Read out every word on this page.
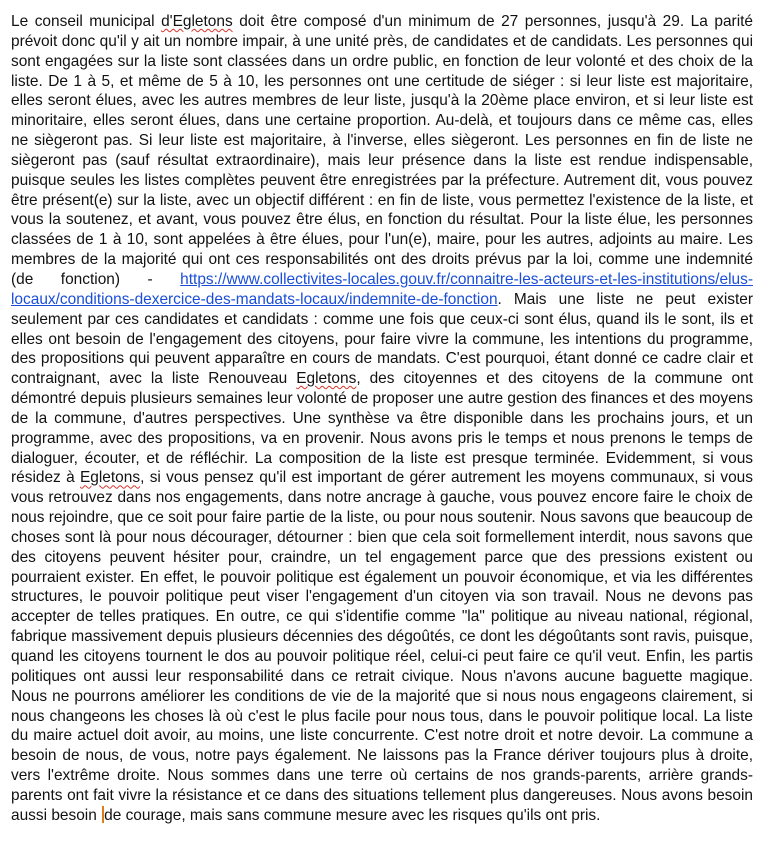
Le conseil municipal d'Egletons doit être composé d'un minimum de 27 personnes, jusqu'à 29. La parité prévoit donc qu'il y ait un nombre impair, à une unité près, de candidates et de candidats. Les personnes qui sont engagées sur la liste sont classées dans un ordre public, en fonction de leur volonté et des choix de la liste. De 1 à 5, et même de 5 à 10, les personnes ont une certitude de siéger : si leur liste est majoritaire, elles seront élues, avec les autres membres de leur liste, jusqu'à la 20ème place environ, et si leur liste est minoritaire, elles seront élues, dans une certaine proportion. Au-delà, et toujours dans ce même cas, elles ne siègeront pas. Si leur liste est majoritaire, à l'inverse, elles siègeront. Les personnes en fin de liste ne siègeront pas (sauf résultat extraordinaire), mais leur présence dans la liste est rendue indispensable, puisque seules les listes complètes peuvent être enregistrées par la préfecture. Autrement dit, vous pouvez être présent(e) sur la liste, avec un objectif différent : en fin de liste, vous permettez l'existence de la liste, et vous la soutenez, et avant, vous pouvez être élus, en fonction du résultat. Pour la liste élue, les personnes classées de 1 à 10, sont appelées à être élues, pour l'un(e), maire, pour les autres, adjoints au maire. Les membres de la majorité qui ont ces responsabilités ont des droits prévus par la loi, comme une indemnité (de fonction) - https://www.collectivites-locales.gouv.fr/connaitre-les-acteurs-et-les-institutions/elus-locaux/conditions-dexercice-des-mandats-locaux/indemnite-de-fonction. Mais une liste ne peut exister seulement par ces candidates et candidats : comme une fois que ceux-ci sont élus, quand ils le sont, ils et elles ont besoin de l'engagement des citoyens, pour faire vivre la commune, les intentions du programme, des propositions qui peuvent apparaître en cours de mandats. C'est pourquoi, étant donné ce cadre clair et contraignant, avec la liste Renouveau Egletons, des citoyennes et des citoyens de la commune ont démontré depuis plusieurs semaines leur volonté de proposer une autre gestion des finances et des moyens de la commune, d'autres perspectives. Une synthèse va être disponible dans les prochains jours, et un programme, avec des propositions, va en provenir. Nous avons pris le temps et nous prenons le temps de dialoguer, écouter, et de réfléchir. La composition de la liste est presque terminée. Evidemment, si vous résidez à Egletons, si vous pensez qu'il est important de gérer autrement les moyens communaux, si vous vous retrouvez dans nos engagements, dans notre ancrage à gauche, vous pouvez encore faire le choix de nous rejoindre, que ce soit pour faire partie de la liste, ou pour nous soutenir. Nous savons que beaucoup de choses sont là pour nous décourager, détourner : bien que cela soit formellement interdit, nous savons que des citoyens peuvent hésiter pour, craindre, un tel engagement parce que des pressions existent ou pourraient exister. En effet, le pouvoir politique est également un pouvoir économique, et via les différentes structures, le pouvoir politique peut viser l'engagement d'un citoyen via son travail. Nous ne devons pas accepter de telles pratiques. En outre, ce qui s'identifie comme "la" politique au niveau national, régional, fabrique massivement depuis plusieurs décennies des dégoûtés, ce dont les dégoûtants sont ravis, puisque, quand les citoyens tournent le dos au pouvoir politique réel, celui-ci peut faire ce qu'il veut. Enfin, les partis politiques ont aussi leur responsabilité dans ce retrait civique. Nous n'avons aucune baguette magique. Nous ne pourrons améliorer les conditions de vie de la majorité que si nous nous engageons clairement, si nous changeons les choses là où c'est le plus facile pour nous tous, dans le pouvoir politique local. La liste du maire actuel doit avoir, au moins, une liste concurrente. C'est notre droit et notre devoir. La commune a besoin de nous, de vous, notre pays également. Ne laissons pas la France dériver toujours plus à droite, vers l'extrême droite. Nous sommes dans une terre où certains de nos grands-parents, arrière grands-parents ont fait vivre la résistance et ce dans des situations tellement plus dangereuses. Nous avons besoin aussi besoin de courage, mais sans commune mesure avec les risques qu'ils ont pris.
